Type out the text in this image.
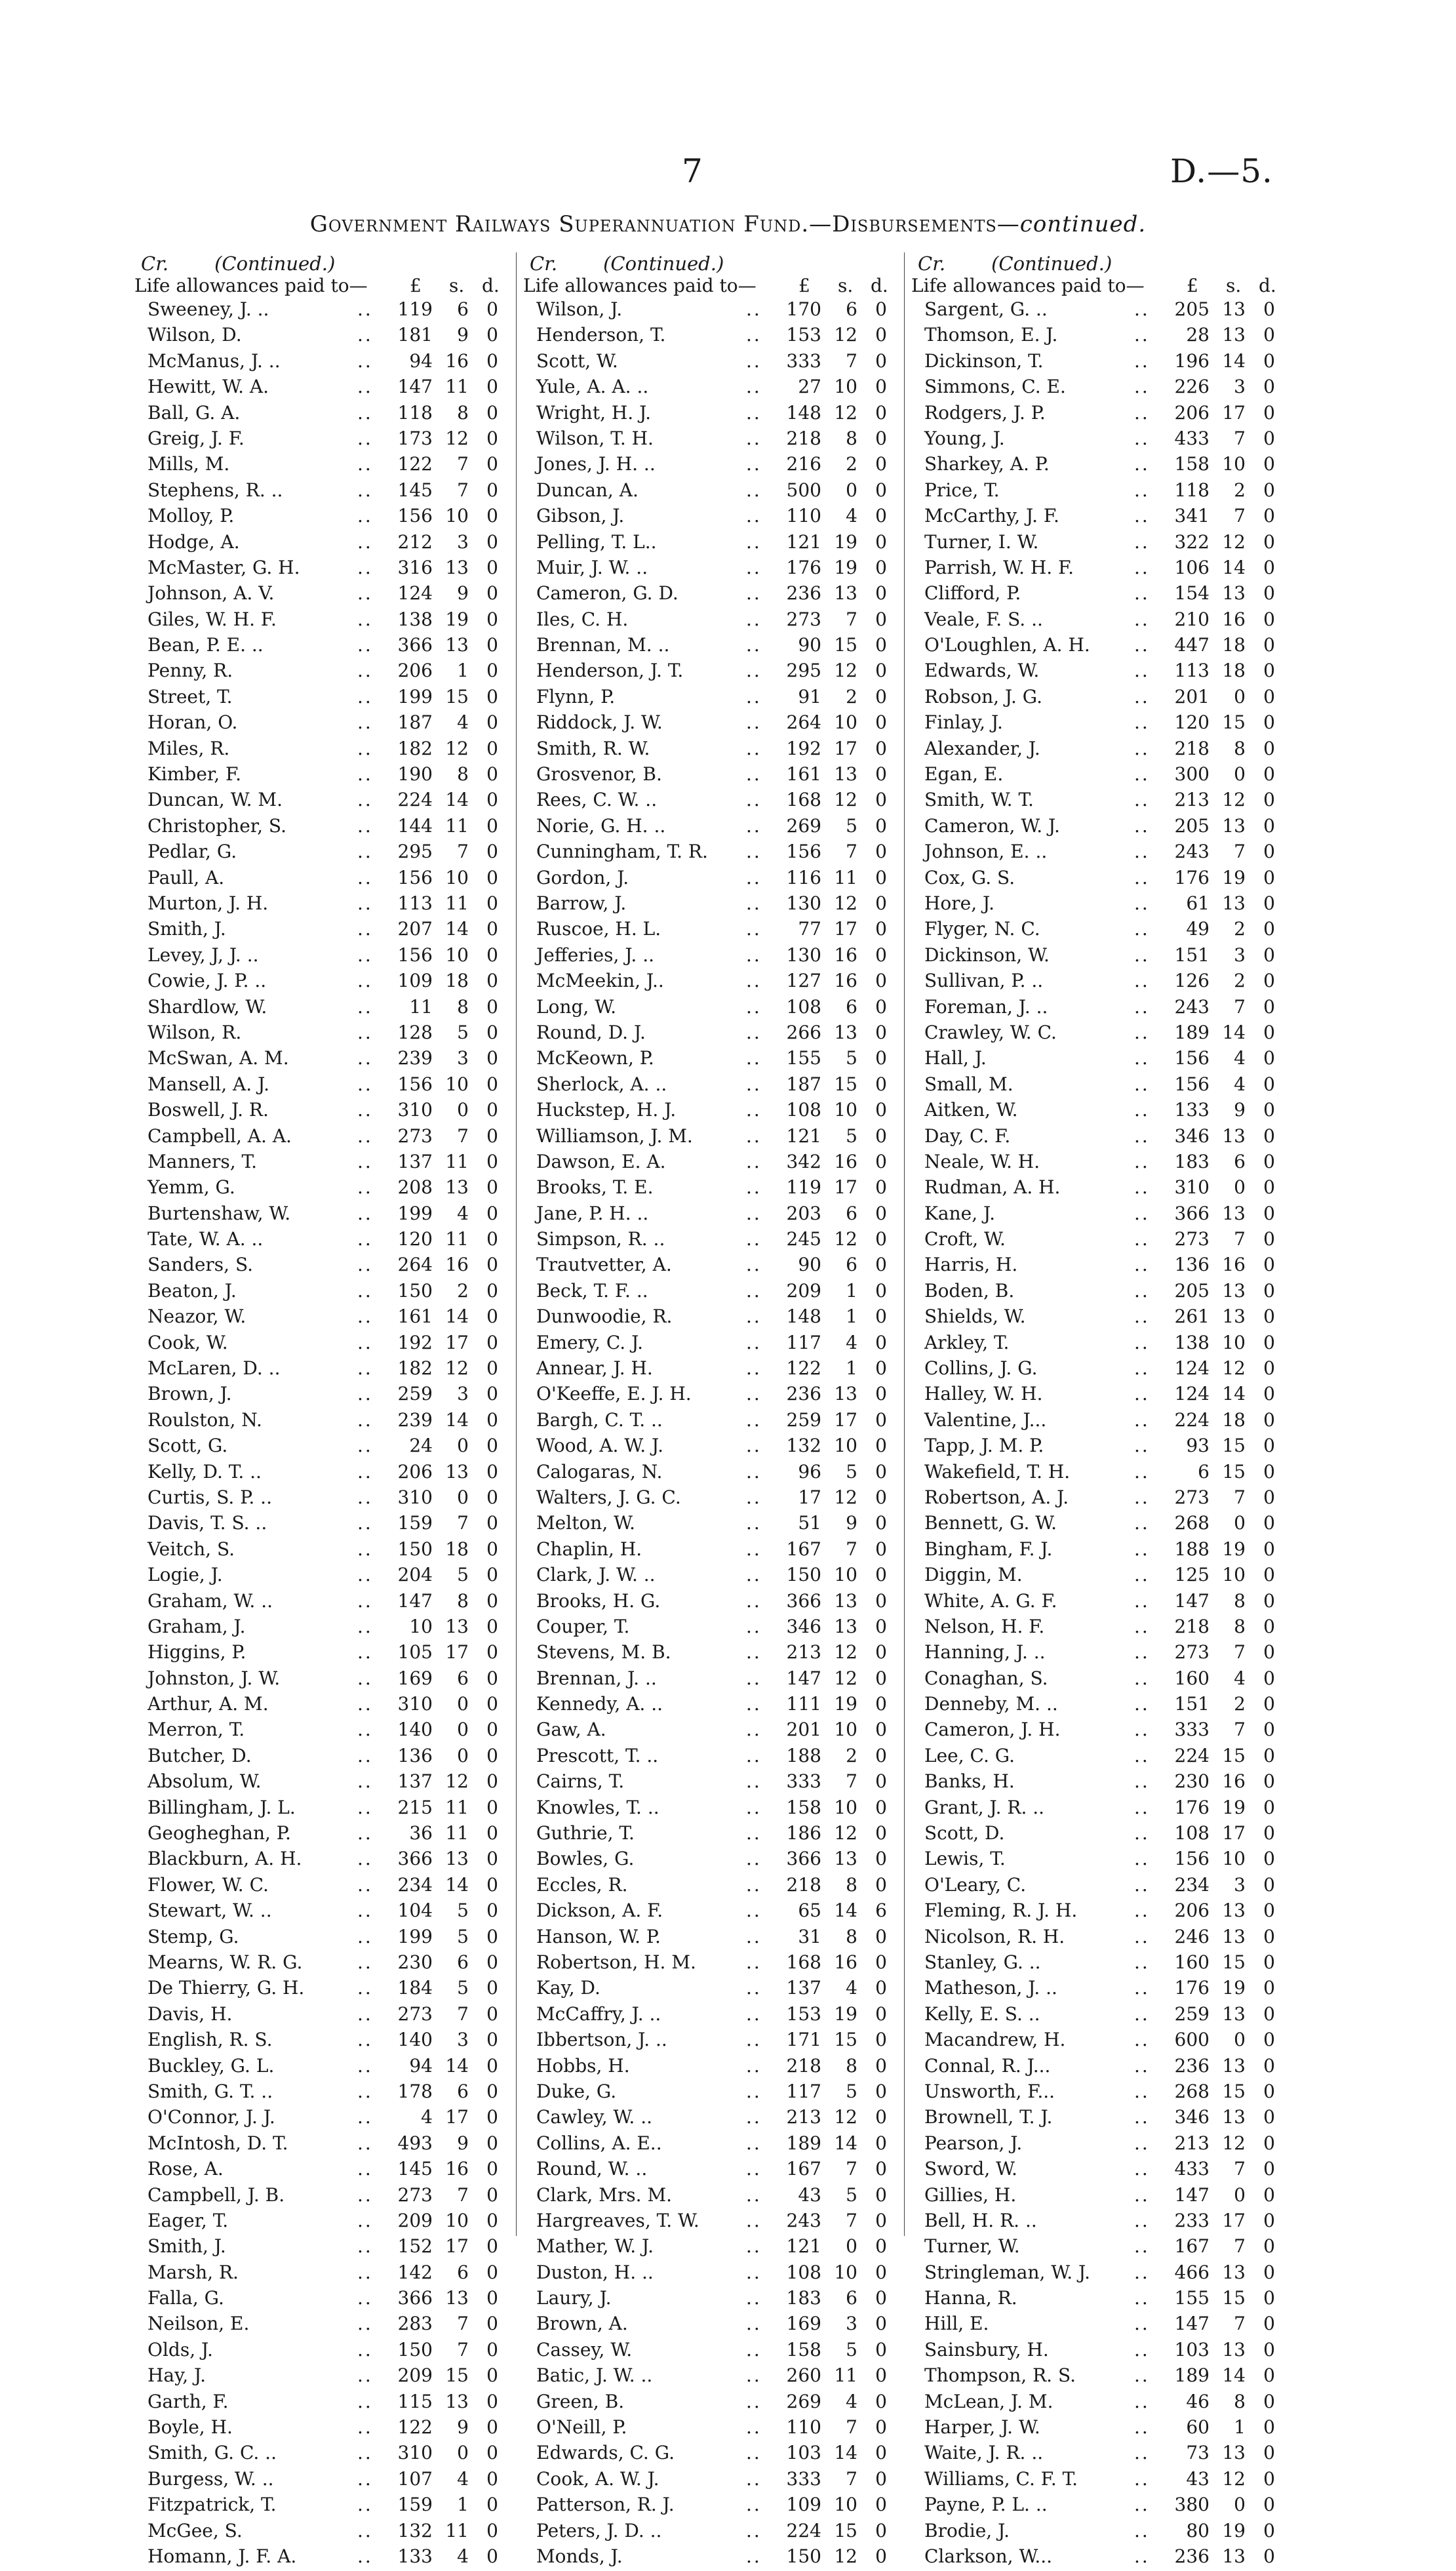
7	D.—5.
Government Railways Superannuation Fund.—Disbursements—continued.
Cr. (Continued.)
Life allowances paid to— £ s. d.
Sweeney, J. ..	..	119	6 0
Wilson, D.	..	181	9 0
McManus, J. ..	..	94 16 0
Hewitt, W. A.	..	147 11 0
Ball, G. A.	..	118	8 0
Greig, J. F.	..	173 12 0
Mills, M.	..	122	7 0
Stephens, R. ..	..	145	7 0
Molloy, P.	..	156 10 0
Hodge, A.	..	212	3 0
McMaster, G. H.	..	316 13 0
Johnson, A. V.	..	124	9 0
Giles, W. H. F.	..	138 19 0
Bean, P. E. ..	..	366 13 0
Penny, R.	..	206	1 0
Street, T.	..	199 15 0
Horan, O.	..	187	4 0
Miles, R.	..	182 12 0
Kimber, F.	..	190	8 0
Duncan, W. M.	..	224 14 0
Christopher, S.	..	144 11 0
Pedlar, G.	..	295	7 0
Paull, A.	..	156 10 0
Murton, J. H.	..	113 11 0
Smith, J.	..	207 14 0
Levey, J, J. ..	..	156 10 0
Cowie, J. P. ..	..	109 18 0
Shardlow, W.	..	11	8 0
Wilson, R.	..	128	5 0
McSwan, A. M.	..	239	3 0
Mansell, A. J.	..	156 10 0
Boswell, J. R.	..	310	0 0
Campbell, A. A.	..	273	7 0
Manners, T.	..	137 11 0
Yemm, G.	..	208 13 0
Burtenshaw, W.	..	199	4 0
Tate, W. A. ..	..	120 11 0
Sanders, S.	..	264 16 0
Beaton, J.	..	150	2 0
Neazor, W.	..	161 14 0
Cook, W.	..	192 17 0
McLaren, D. ..	..	182 12 0
Brown, J.	..	259	3 0
Roulston, N.	..	239 14 0
Scott, G.	..	24	0 0
Kelly, D. T. ..	..	206 13 0
Curtis, S. P. ..	..	310	0 0
Davis, T. S. ..	..	159	7 0
Veitch, S.	..	150 18 0
Logie, J.	..	204	5 0
Graham, W. ..	..	147	8 0
Graham, J.	..	10 13 0
Higgins, P.	..	105 17 0
Johnston, J. W.	..	169	6 0
Arthur, A. M.	..	310	0 0
Merron, T.	..	140	0 0
Butcher, D.	..	136	0 0
Absolum, W.	..	137 12 0
Billingham, J. L.	..	215 11 0
Geogheghan, P.	..	36 11 0
Blackburn, A. H.	..	366 13 0
Flower, W. C.	..	234 14 0
Stewart, W. ..	..	104	5 0
Stemp, G.	..	199	5 0
Mearns, W. R. G.	..	230	6 0
De Thierry, G. H.	..	184	5 0
Davis, H.	..	273	7 0
English, R. S.	..	140	3 0
Buckley, G. L.	..	94 14 0
Smith, G. T. ..	..	178	6 0
O'Connor, J. J.	..	4 17 0
McIntosh, D. T.	..	493	9 0
Rose, A.	..	145 16 0
Campbell, J. B.	..	273	7 0
Eager, T.	..	209 10 0
Smith, J.	..	152 17 0
Marsh, R.	..	142	6 0
Falla, G.	..	366 13 0
Neilson, E.	..	283	7 0
Olds, J.	..	150	7 0
Hay, J.	..	209 15 0
Garth, F.	..	115 13 0
Boyle, H.	..	122	9 0
Smith, G. C. ..	..	310	0 0
Burgess, W. ..	..	107	4 0
Fitzpatrick, T.	..	159	1 0
McGee, S.	..	132 11 0
Homann, J. F. A.	..	133	4 0
Cr. (Continued.)
Life allowances paid to— £ s. d.
Wilson, J.	..	170	6 0
Henderson, T.	..	153 12 0
Scott, W.	..	333	7 0
Yule, A. A. ..	..	27 10 0
Wright, H. J.	..	148 12 0
Wilson, T. H.	..	218	8 0
Jones, J. H. ..	..	216	2 0
Duncan, A.	..	500	0 0
Gibson, J.	..	110	4 0
Pelling, T. L..	..	121 19 0
Muir, J. W. ..	..	176 19 0
Cameron, G. D.	..	236 13 0
Iles, C. H.	..	273	7 0
Brennan, M. ..	..	90 15 0
Henderson, J. T.	..	295 12 0
Flynn, P.	..	91	2 0
Riddock, J. W.	..	264 10 0
Smith, R. W.	..	192 17 0
Grosvenor, B.	..	161 13 0
Rees, C. W. ..	..	168 12 0
Norie, G. H. ..	..	269	5 0
Cunningham, T. R. ..	156	7 0
Gordon, J.	..	116 11 0
Barrow, J.	..	130 12 0
Ruscoe, H. L.	..	77 17 0
Jefferies, J. ..	..	130 16 0
McMeekin, J..	..	127 16 0
Long, W.	..	108	6 0
Round, D. J.	..	266 13 0
McKeown, P.	..	155	5 0
Sherlock, A. ..	..	187 15 0
Huckstep, H. J.	..	108 10 0
Williamson, J. M.	..	121	5 0
Dawson, E. A.	..	342 16 0
Brooks, T. E.	..	119 17 0
Jane, P. H. ..	..	203	6 0
Simpson, R. ..	..	245 12 0
Trautvetter, A.	..	90	6 0
Beck, T. F. ..	..	209	1 0
Dunwoodie, R.	..	148	1 0
Emery, C. J.	..	117	4 0
Annear, J. H.	..	122	1 0
O'Keeffe, E. J. H.	..	236 13 0
Bargh, C. T. ..	..	259 17 0
Wood, A. W. J.	..	132 10 0
Calogaras, N.	..	96	5 0
Walters, J. G. C.	..	17 12 0
Melton, W.	..	51	9 0
Chaplin, H.	..	167	7 0
Clark, J. W. ..	..	150 10 0
Brooks, H. G.	..	366 13 0
Couper, T.	..	346 13 0
Stevens, M. B.	..	213 12 0
Brennan, J. ..	..	147 12 0
Kennedy, A. ..	..	111 19 0
Gaw, A.	..	201 10 0
Prescott, T. ..	..	188	2 0
Cairns, T.	..	333	7 0
Knowles, T. ..	..	158 10 0
Guthrie, T.	..	186 12 0
Bowles, G.	..	366 13 0
Eccles, R.	..	218	8 0
Dickson, A. F.	..	65 14 6
Hanson, W. P.	..	31	8 0
Robertson, H. M.	..	168 16 0
Kay, D.	..	137	4 0
McCaffry, J. ..	..	153 19 0
Ibbertson, J. ..	..	171 15 0
Hobbs, H.	..	218	8 0
Duke, G.	..	117	5 0
Cawley, W. ..	..	213 12 0
Collins, A. E..	..	189 14 0
Round, W. ..	..	167	7 0
Clark, Mrs. M.	..	43	5 0
Hargreaves, T. W.	..	243	7 0
Mather, W. J.	..	121	0 0
Duston, H. ..	..	108 10 0
Laury, J.	..	183	6 0
Brown, A.	..	169	3 0
Cassey, W.	..	158	5 0
Batic, J. W. ..	..	260 11 0
Green, B.	..	269	4 0
O'Neill, P.	..	110	7 0
Edwards, C. G.	..	103 14 0
Cook, A. W. J.	..	333	7 0
Patterson, R. J.	..	109 10 0
Peters, J. D. ..	..	224 15 0
Monds, J.	..	150 12 0
Cr. (Continued.)
Life allowances paid to— £ s. d.
Sargent, G. ..	..	205 13 0
Thomson, E. J.	..	28 13 0
Dickinson, T.	..	196 14 0
Simmons, C. E.	..	226	3 0
Rodgers, J. P.	..	206 17 0
Young, J.	..	433	7 0
Sharkey, A. P.	..	158 10 0
Price, T.	..	118	2 0
McCarthy, J. F.	..	341	7 0
Turner, I. W.	..	322 12 0
Parrish, W. H. F.	..	106 14 0
Clifford, P.	..	154 13 0
Veale, F. S. ..	..	210 16 0
O'Loughlen, A. H. ..	447 18 0
Edwards, W.	..	113 18 0
Robson, J. G.	..	201	0 0
Finlay, J.	..	120 15 0
Alexander, J.	..	218	8 0
Egan, E.	..	300	0 0
Smith, W. T.	..	213 12 0
Cameron, W. J.	..	205 13 0
Johnson, E. ..	..	243	7 0
Cox, G. S.	..	176 19 0
Hore, J.	..	61 13 0
Flyger, N. C.	..	49	2 0
Dickinson, W.	..	151	3 0
Sullivan, P. ..	..	126	2 0
Foreman, J. ..	..	243	7 0
Crawley, W. C.	..	189 14 0
Hall, J.	..	156	4 0
Small, M.	..	156	4 0
Aitken, W.	..	133	9 0
Day, C. F.	..	346 13 0
Neale, W. H.	..	183	6 0
Rudman, A. H.	..	310	0 0
Kane, J.	..	366 13 0
Croft, W.	..	273	7 0
Harris, H.	..	136 16 0
Boden, B.	..	205 13 0
Shields, W.	..	261 13 0
Arkley, T.	..	138 10 0
Collins, J. G.	..	124 12 0
Halley, W. H.	..	124 14 0
Valentine, J...	..	224 18 0
Tapp, J. M. P.	..	93 15 0
Wakefield, T. H.	..	6 15 0
Robertson, A. J.	..	273	7 0
Bennett, G. W.	..	268	0 0
Bingham, F. J.	..	188 19 0
Diggin, M.	..	125 10 0
White, A. G. F.	..	147	8 0
Nelson, H. F.	..	218	8 0
Hanning, J. ..	..	273	7 0
Conaghan, S.	..	160	4 0
Denneby, M. ..	..	151	2 0
Cameron, J. H.	..	333	7 0
Lee, C. G.	..	224 15 0
Banks, H.	..	230 16 0
Grant, J. R. ..	..	176 19 0
Scott, D.	..	108 17 0
Lewis, T.	..	156 10 0
O'Leary, C.	..	234	3 0
Fleming, R. J. H.	..	206 13 0
Nicolson, R. H.	..	246 13 0
Stanley, G. ..	..	160 15 0
Matheson, J. ..	..	176 19 0
Kelly, E. S. ..	..	259 13 0
Macandrew, H.	..	600	0 0
Connal, R. J...	..	236 13 0
Unsworth, F...	..	268 15 0
Brownell, T. J.	..	346 13 0
Pearson, J.	..	213 12 0
Sword, W.	..	433	7 0
Gillies, H.	..	147	0 0
Bell, H. R. ..	..	233 17 0
Turner, W.	..	167	7 0
Stringleman, W. J. ..	466 13 0
Hanna, R.	..	155 15 0
Hill, E.	..	147	7 0
Sainsbury, H.	..	103 13 0
Thompson, R. S.	..	189 14 0
McLean, J. M.	..	46	8 0
Harper, J. W.	..	60	1 0
Waite, J. R. ..	..	73 13 0
Williams, C. F. T.	..	43 12 0
Payne, P. L. ..	..	380	0 0
Brodie, J.	..	80 19 0
Clarkson, W...	..	236 13 0
